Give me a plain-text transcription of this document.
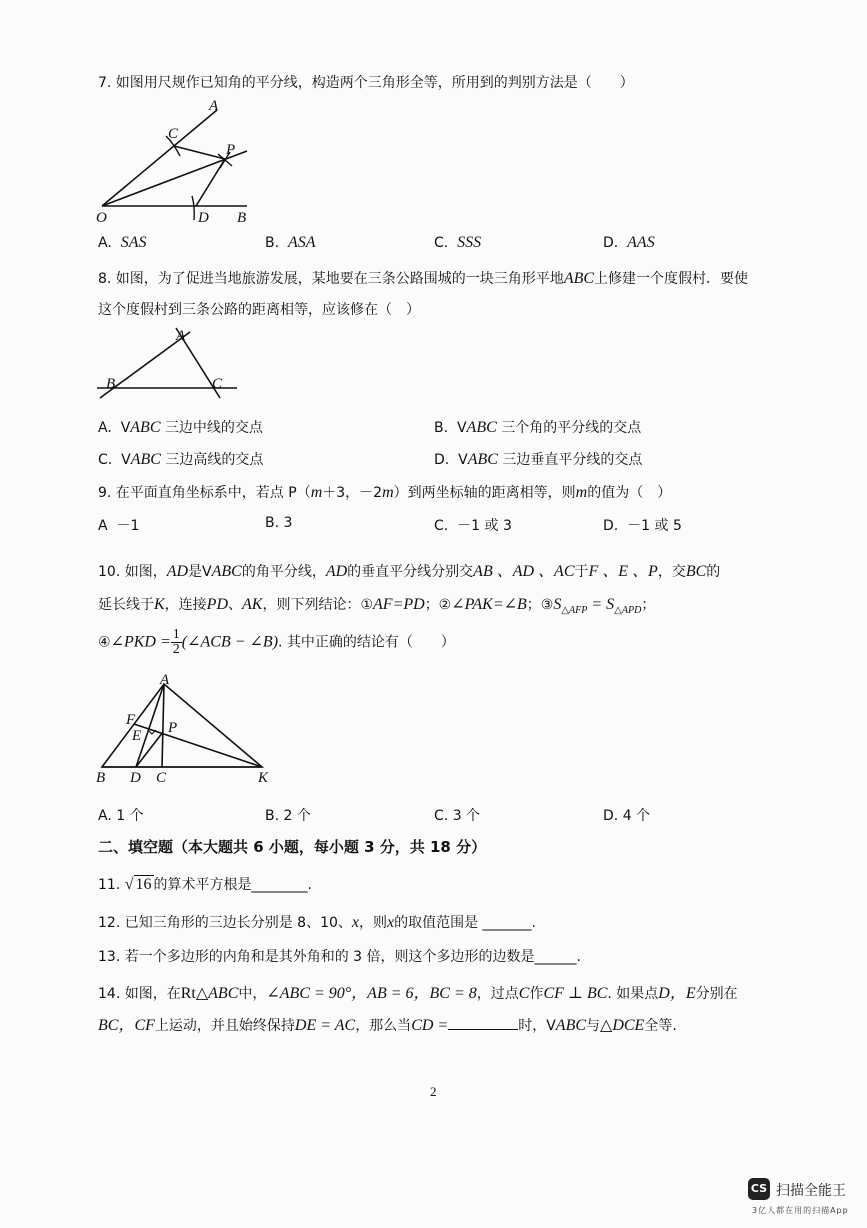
7. 如图用尺规作已知角的平分线，构造两个三角形全等，所用到的判别方法是（　　）
A
C
P
O	D B
A. SAS	B. ASA	C. SSS	D. AAS
8. 如图，为了促进当地旅游发展，某地要在三条公路围城的一块三角形平地ABC上修建一个度假村．要使
这个度假村到三条公路的距离相等，应该修在（　）
A
B	C
A. VABC 三边中线的交点	B. VABC 三个角的平分线的交点
C. VABC 三边高线的交点	D. VABC 三边垂直平分线的交点
9. 在平面直角坐标系中，若点 P（m＋3，－2m）到两坐标轴的距离相等，则m的值为（　）
A －1	B. 3	C. －1 或 3	D. －1 或 5
10. 如图，AD是VABC的角平分线，AD的垂直平分线分别交AB 、AD 、AC于F 、E 、P，交BC的
延长线于K，连接PD、AK，则下列结论：①AF=PD；②∠PAK=∠B；$③S_{\triangle AFP} = S_{\triangle APD}$；
④∠PKD = $\frac{1}{2}$ (∠ACB − ∠B). 其中正确的结论有（　　）
A
F
E P
B D C	K
A. 1 个	B. 2 个	C. 3 个	D. 4 个
二、填空题（本大题共 6 小题，每小题 3 分，共 18 分）
11. √ 16 的算术平方根是________.
12. 已知三角形的三边长分别是 8、10、x，则x的取值范围是 _______.
13. 若一个多边形的内角和是其外角和的 3 倍，则这个多边形的边数是______.
14. 如图，在Rt△ABC中，∠ABC = 90°，AB = 6，BC = 8，过点C作CF ⊥ BC. 如果点D，E分别在
BC，CF上运动，并且始终保持DE = AC，那么当CD =	时，VABC与△DCE全等.
2
CS 扫描全能王
3亿人都在用的扫描App
